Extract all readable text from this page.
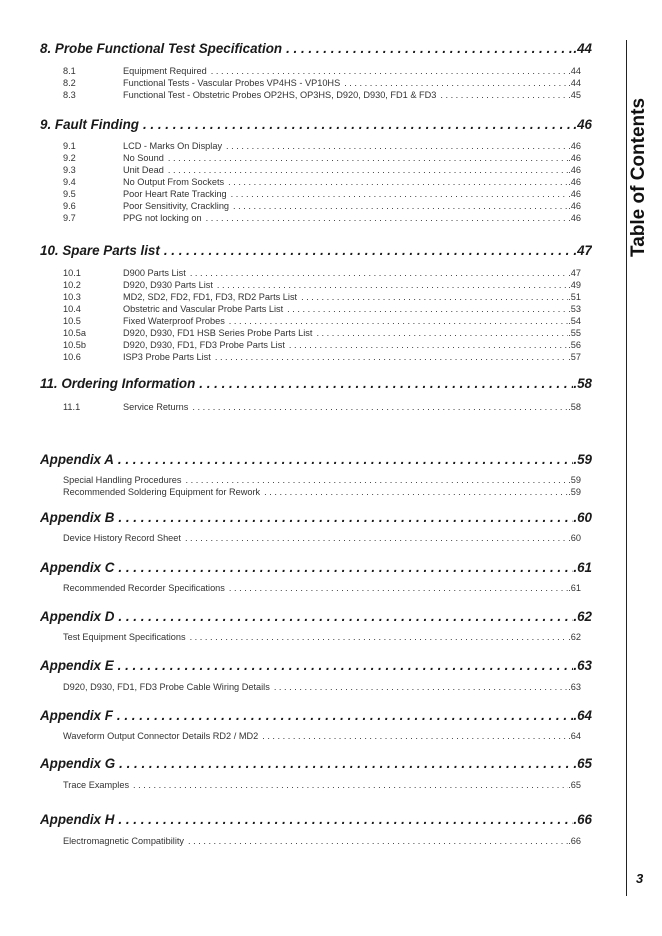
8. Probe Functional Test Specification . . .	.44
8.1	Equipment Required . . .	.44
8.2	Functional Tests - Vascular Probes VP4HS - VP10HS . . .	.44
8.3	Functional Test - Obstetric Probes OP2HS, OP3HS, D920, D930, FD1 & FD3 . . .	.45
9. Fault Finding . . .	.46
9.1	LCD - Marks On Display . . .	.46
9.2	No Sound . . .	.46
9.3	Unit Dead . . .	.46
9.4	No Output From Sockets . . .	.46
9.5	Poor Heart Rate Tracking . . .	.46
9.6	Poor Sensitivity, Crackling . . .	.46
9.7	PPG not locking on . . .	.46
10. Spare Parts list . . .	.47
10.1	D900 Parts List . . .	.47
10.2	D920, D930 Parts List . . .	.49
10.3	MD2, SD2, FD2, FD1, FD3, RD2 Parts List . . .	.51
10.4	Obstetric and Vascular Probe Parts List . . .	.53
10.5	Fixed Waterproof Probes . . .	.54
10.5a	D920, D930, FD1 HSB Series Probe Parts List . . .	.55
10.5b	D920, D930, FD1, FD3 Probe Parts List . . .	.56
10.6	ISP3 Probe Parts List . . .	.57
11. Ordering Information . . .	.58
11.1	Service Returns . . .	.58
Appendix A . . .	.59
Special Handling Procedures . . .	.59
Recommended Soldering Equipment for Rework . . .	.59
Appendix B . . .	.60
Device History Record Sheet . . .	.60
Appendix C . . .	.61
Recommended Recorder Specifications . . .	.61
Appendix D . . .	.62
Test Equipment Specifications . . .	.62
Appendix E . . .	.63
D920, D930, FD1, FD3 Probe Cable Wiring Details . . .	.63
Appendix F . . .	.64
Waveform Output Connector Details RD2 / MD2 . . .	.64
Appendix G . . .	.65
Trace Examples . . .	.65
Appendix H . . .	.66
Electromagnetic Compatibility . . .	.66
Table of Contents
3
